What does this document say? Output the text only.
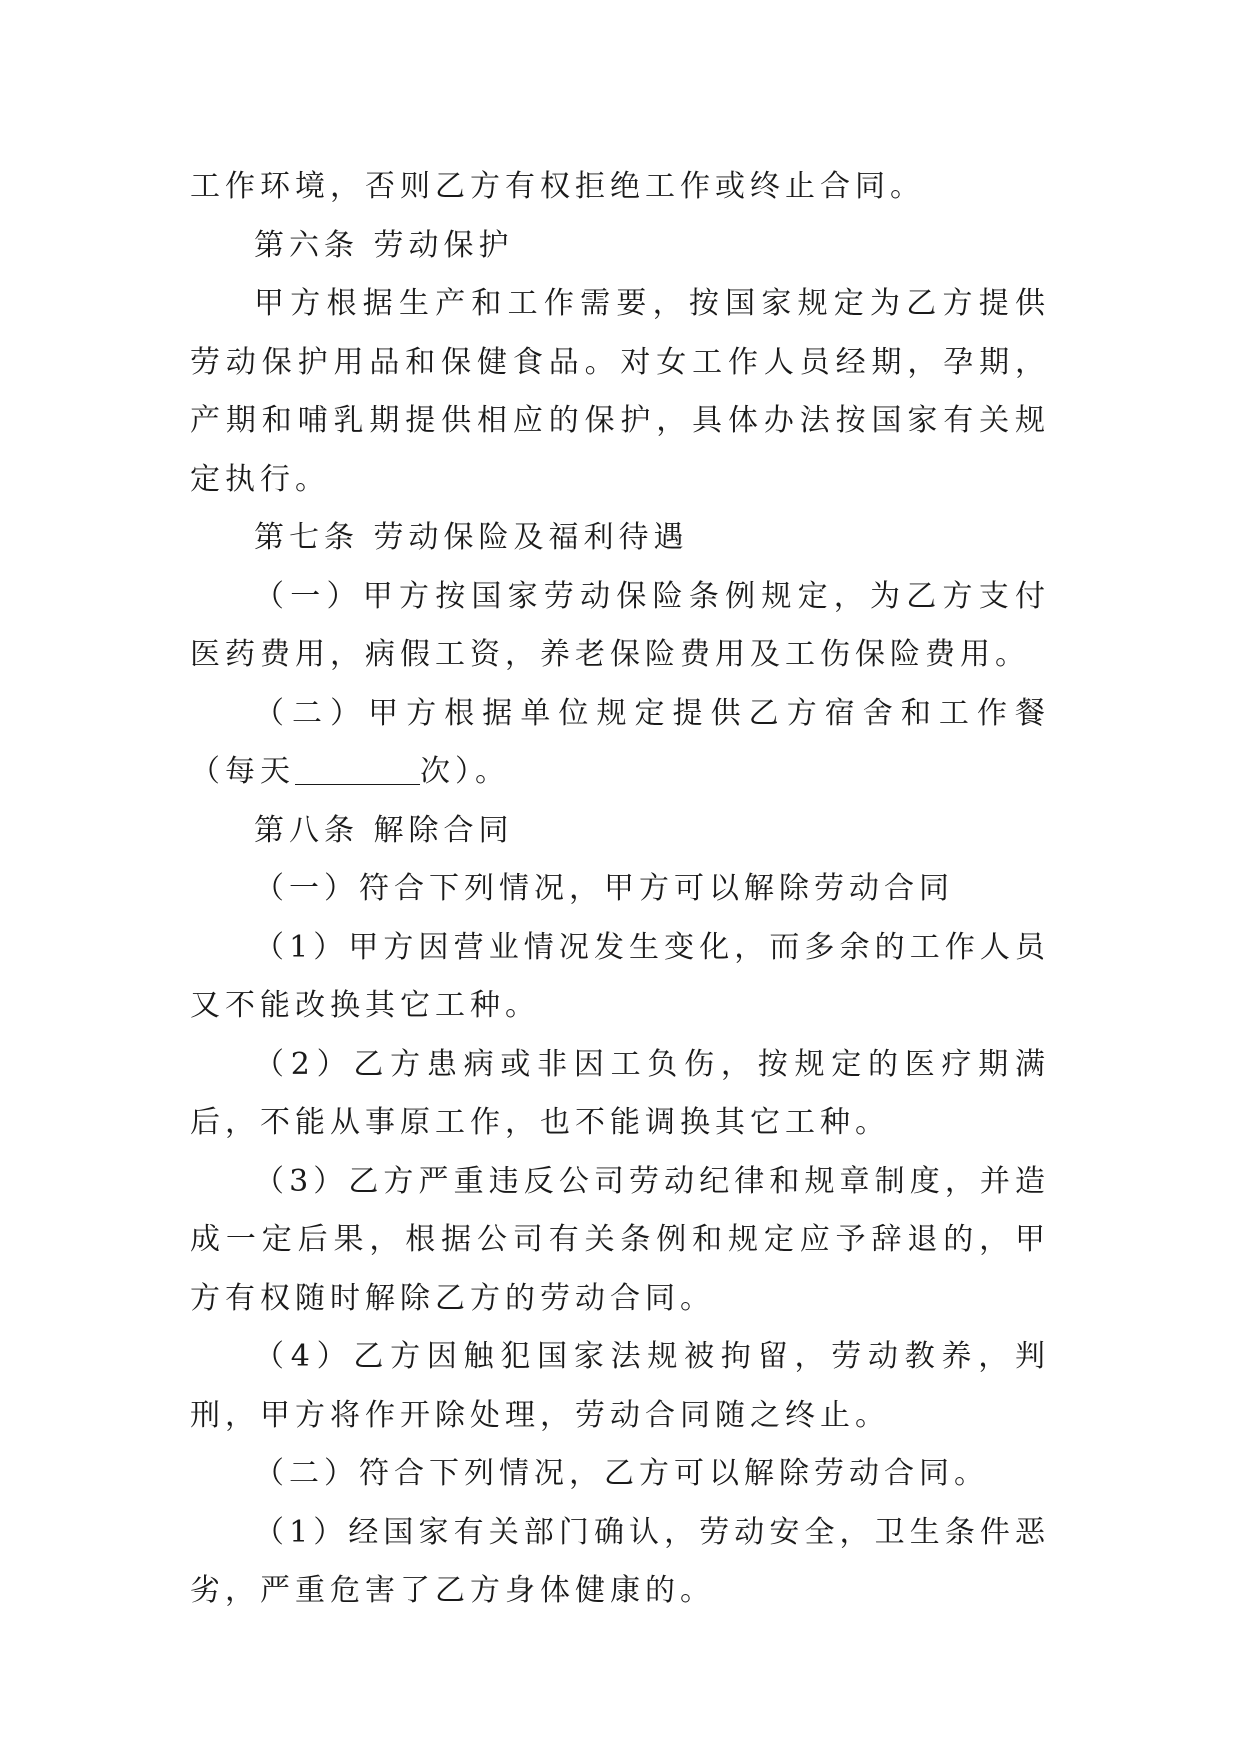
工作环境，否则乙方有权拒绝工作或终止合同。

第六条 劳动保护

甲方根据生产和工作需要，按国家规定为乙方提供劳动保护用品和保健食品。对女工作人员经期，孕期，产期和哺乳期提供相应的保护，具体办法按国家有关规定执行。

第七条 劳动保险及福利待遇

（一）甲方按国家劳动保险条例规定，为乙方支付医药费用，病假工资，养老保险费用及工伤保险费用。

（二）甲方根据单位规定提供乙方宿舍和工作餐（每天	次）。

第八条 解除合同

（一）符合下列情况，甲方可以解除劳动合同

（1）甲方因营业情况发生变化，而多余的工作人员又不能改换其它工种。

（2）乙方患病或非因工负伤，按规定的医疗期满后，不能从事原工作，也不能调换其它工种。

（3）乙方严重违反公司劳动纪律和规章制度，并造成一定后果，根据公司有关条例和规定应予辞退的，甲方有权随时解除乙方的劳动合同。

（4）乙方因触犯国家法规被拘留，劳动教养，判刑，甲方将作开除处理，劳动合同随之终止。

（二）符合下列情况，乙方可以解除劳动合同。

（1）经国家有关部门确认，劳动安全，卫生条件恶劣，严重危害了乙方身体健康的。
